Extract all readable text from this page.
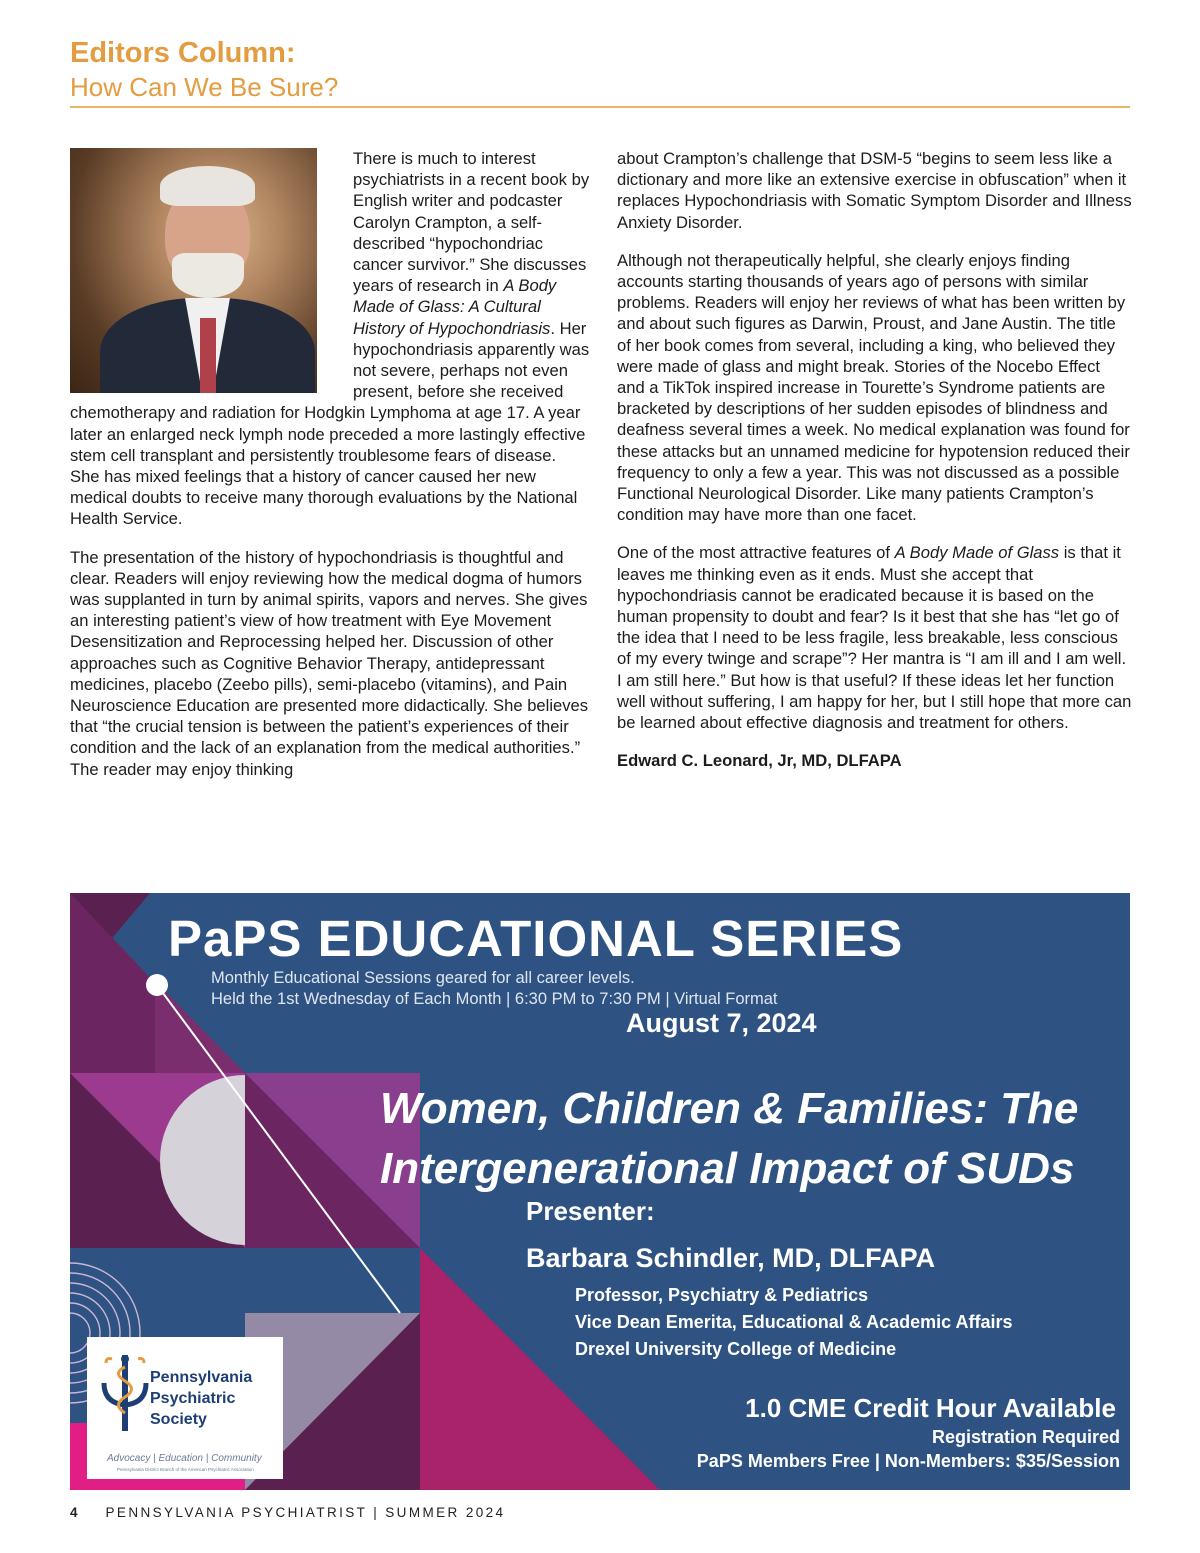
Editors Column:
How Can We Be Sure?

There is much to interest psychiatrists in a recent book by English writer and podcaster Carolyn Crampton, a self-described “hypochondriac cancer survivor.” She discusses years of research in A Body Made of Glass: A Cultural History of Hypochondriasis. Her hypochondriasis apparently was not severe, perhaps not even present, before she received chemotherapy and radiation for Hodgkin Lymphoma at age 17. A year later an enlarged neck lymph node preceded a more lastingly effective stem cell transplant and persistently troublesome fears of disease. She has mixed feelings that a history of cancer caused her new medical doubts to receive many thorough evaluations by the National Health Service.

The presentation of the history of hypochondriasis is thoughtful and clear. Readers will enjoy reviewing how the medical dogma of humors was supplanted in turn by animal spirits, vapors and nerves. She gives an interesting patient’s view of how treatment with Eye Movement Desensitization and Reprocessing helped her. Discussion of other approaches such as Cognitive Behavior Therapy, antidepressant medicines, placebo (Zeebo pills), semi-placebo (vitamins), and Pain Neuroscience Education are presented more didactically. She believes that “the crucial tension is between the patient’s experiences of their condition and the lack of an explanation from the medical authorities.” The reader may enjoy thinking

about Crampton’s challenge that DSM-5 “begins to seem less like a dictionary and more like an extensive exercise in obfuscation” when it replaces Hypochondriasis with Somatic Symptom Disorder and Illness Anxiety Disorder.

Although not therapeutically helpful, she clearly enjoys finding accounts starting thousands of years ago of persons with similar problems. Readers will enjoy her reviews of what has been written by and about such figures as Darwin, Proust, and Jane Austin. The title of her book comes from several, including a king, who believed they were made of glass and might break. Stories of the Nocebo Effect and a TikTok inspired increase in Tourette’s Syndrome patients are bracketed by descriptions of her sudden episodes of blindness and deafness several times a week. No medical explanation was found for these attacks but an unnamed medicine for hypotension reduced their frequency to only a few a year. This was not discussed as a possible Functional Neurological Disorder. Like many patients Crampton’s condition may have more than one facet.

One of the most attractive features of A Body Made of Glass is that it leaves me thinking even as it ends. Must she accept that hypochondriasis cannot be eradicated because it is based on the human propensity to doubt and fear? Is it best that she has “let go of the idea that I need to be less fragile, less breakable, less conscious of my every twinge and scrape”? Her mantra is “I am ill and I am well. I am still here.” But how is that useful? If these ideas let her function well without suffering, I am happy for her, but I still hope that more can be learned about effective diagnosis and treatment for others.

Edward C. Leonard, Jr, MD, DLFAPA
PaPS EDUCATIONAL SERIES
Monthly Educational Sessions geared for all career levels.
Held the 1st Wednesday of Each Month | 6:30 PM to 7:30 PM | Virtual Format
August 7, 2024
Women, Children & Families: The
Intergenerational Impact of SUDs
Presenter:
Barbara Schindler, MD, DLFAPA
Professor, Psychiatry & Pediatrics
Vice Dean Emerita, Educational & Academic Affairs
Drexel University College of Medicine
1.0 CME Credit Hour Available
Registration Required
PaPS Members Free | Non-Members: $35/Session
Pennsylvania
Psychiatric
Society
Advocacy | Education | Community
Pennsylvania District Branch of the American Psychiatric Association
4 PENNSYLVANIA PSYCHIATRIST | SUMMER 2024
